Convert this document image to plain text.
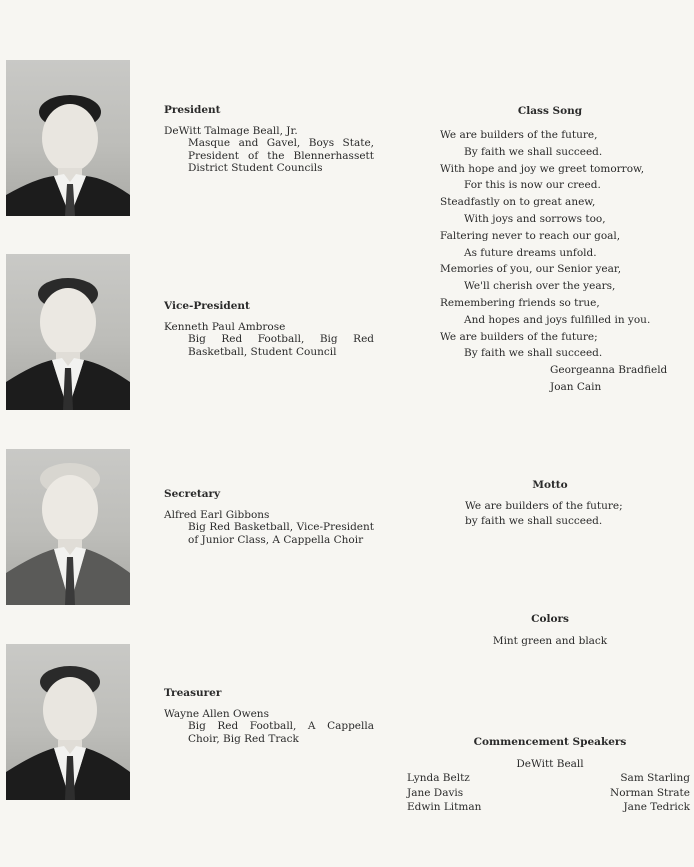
President
DeWitt Talmage Beall, Jr.
Masque and Gavel, Boys State, President of the Blennerhassett District Student Councils
Vice-President
Kenneth Paul Ambrose
Big Red Football, Big Red Basketball, Student Council
Secretary
Alfred Earl Gibbons
Big Red Basketball, Vice-President of Junior Class, A Cappella Choir
Treasurer
Wayne Allen Owens
Big Red Football, A Cappella Choir, Big Red Track
Class Song
We are builders of the future,
By faith we shall succeed.
With hope and joy we greet tomorrow,
For this is now our creed.
Steadfastly on to great anew,
With joys and sorrows too,
Faltering never to reach our goal,
As future dreams unfold.
Memories of you, our Senior year,
We'll cherish over the years,
Remembering friends so true,
And hopes and joys fulfilled in you.
We are builders of the future;
By faith we shall succeed.
Georgeanna Bradfield
Joan Cain
Motto
We are builders of the future;
by faith we shall succeed.
Colors
Mint green and black
Commencement Speakers
DeWitt Beall
Lynda Beltz
Jane Davis
Edwin Litman
Sam Starling
Norman Strate
Jane Tedrick
